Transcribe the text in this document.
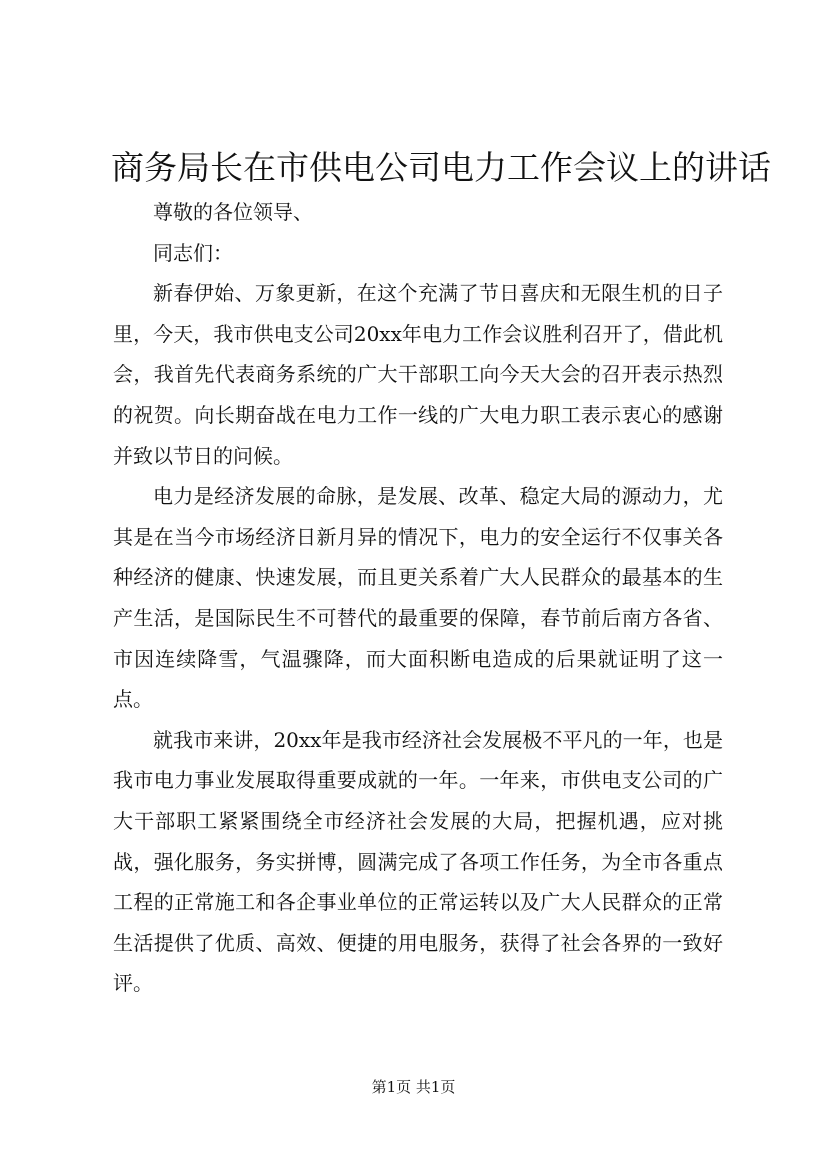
商务局长在市供电公司电力工作会议上的讲话

尊敬的各位领导、

同志们：

新春伊始、万象更新，在这个充满了节日喜庆和无限生机的日子里，今天，我市供电支公司20xx年电力工作会议胜利召开了，借此机会，我首先代表商务系统的广大干部职工向今天大会的召开表示热烈的祝贺。向长期奋战在电力工作一线的广大电力职工表示衷心的感谢并致以节日的问候。

电力是经济发展的命脉，是发展、改革、稳定大局的源动力，尤其是在当今市场经济日新月异的情况下，电力的安全运行不仅事关各种经济的健康、快速发展，而且更关系着广大人民群众的最基本的生产生活，是国际民生不可替代的最重要的保障，春节前后南方各省、市因连续降雪，气温骤降，而大面积断电造成的后果就证明了这一点。

就我市来讲，20xx年是我市经济社会发展极不平凡的一年，也是我市电力事业发展取得重要成就的一年。一年来，市供电支公司的广大干部职工紧紧围绕全市经济社会发展的大局，把握机遇，应对挑战，强化服务，务实拼博，圆满完成了各项工作任务，为全市各重点工程的正常施工和各企事业单位的正常运转以及广大人民群众的正常生活提供了优质、高效、便捷的用电服务，获得了社会各界的一致好评。

第1页 共1页
